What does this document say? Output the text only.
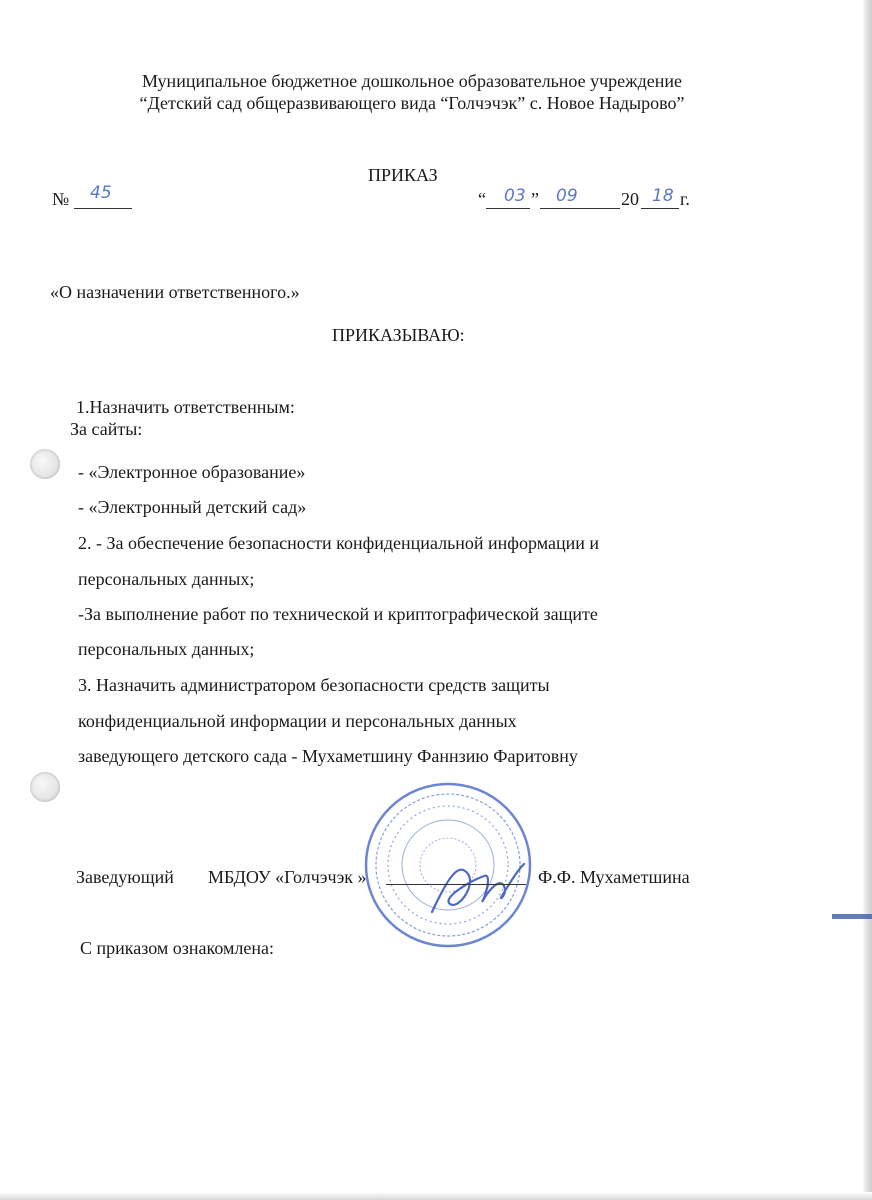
Муниципальное бюджетное дошкольное образовательное учреждение
“Детский сад общеразвивающего вида “Голчэчэк” с. Новое Надырово”
ПРИКАЗ
№ 45	“ 03 ” 09 20 18 г.
«О назначении ответственного.»
ПРИКАЗЫВАЮ:
1.Назначить ответственным:
За сайты:
- «Электронное образование»
- «Электронный детский сад»
2. - За обеспечение безопасности конфиденциальной информации и
персональных данных;
-За выполнение работ по технической и криптографической защите
персональных данных;
3. Назначить администратором безопасности средств защиты
конфиденциальной информации и персональных данных
заведующего детского сада - Мухаметшину Фаннзию Фаритовну
Заведующий МБДОУ «Голчэчэк »	Ф.Ф. Мухаметшина
С приказом ознакомлена:
